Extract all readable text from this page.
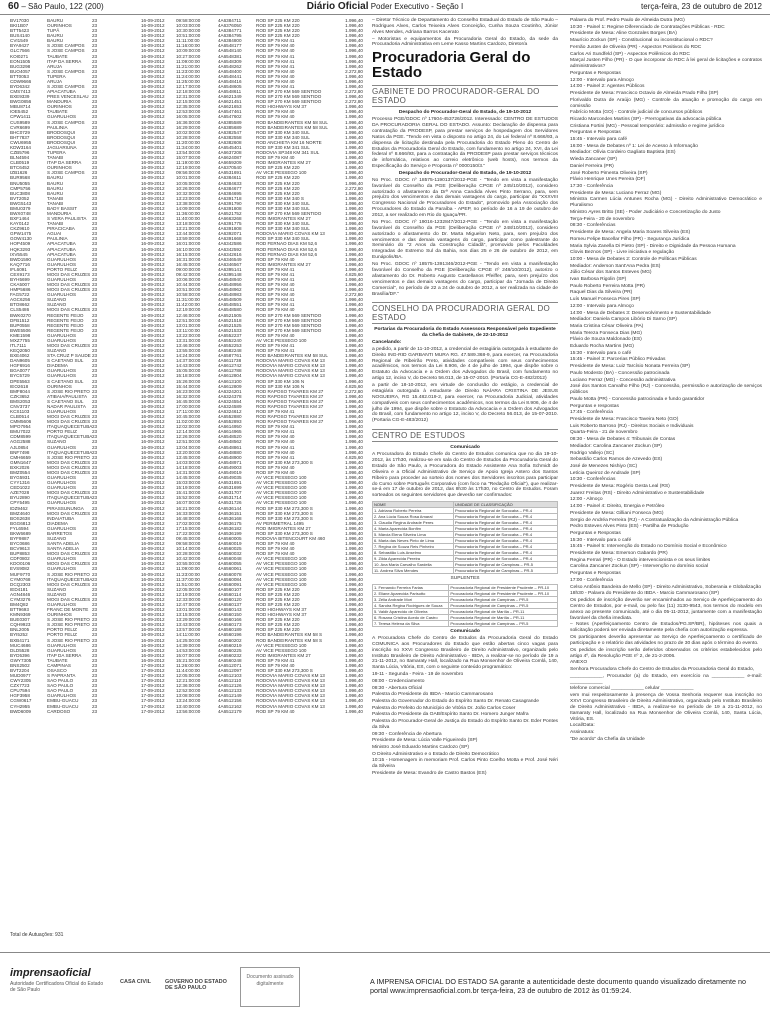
60 – São Paulo, 122 (200)	Diário Oficial Poder Executivo - Seção I	terça-feira, 23 de outubro de 2012
BV17030	BAURU	23	16-09-2012	09:58:00:00	4A6384711	ROD SP 225 KM 220	1.996,40
BKI1B07	OURINHOS	23	16-09-2012	10:03:00:00	4A6376050	ROD SP 225 KM 220	1.996,40
BTT5423	TUPÃ	23	16-09-2012	10:30:00:00	4A6384771	ROD SP 225 KM 220	1.996,40
BUS4140	BAURU	23	16-09-2012	10:51:00:00	4A6384795	ROD SP 225 KM 220	1.996,40
CVI1549	BAURU	23	16-09-2012	11:11:00:00	4A6384800	ROD SP 79 KM 41	1.996,40
BYA9427	S JOSE CAMPOS	23	16-09-2012	11:16:00:00	4A6548177	ROD SP 79 KM 40	1.996,40
GLC7566	S JOSE CAMPOS	23	16-09-2012	10:09:00:00	4A6548140	ROD SP 79 KM 40	1.996,40
KOI0271	TAUBATE	23	16-09-2012	10:27:00:00	4A6548381	ROD SP 79 KM 41	1.996,40
EON1505	ITAP DA SERRA	23	16-09-2012	11:09:00:00	4A6548309	ROD SP 79 KM 41	1.996,40
BUG3298	ARUJA	23	16-09-2012	11:21:00:00	4A6548262	ROD SP 79 KM 41	1.996,40
BUO4057	S JOSE CAMPOS	23	16-09-2012	11:23:00:00	4A6548400	ROD SP 79 KM 40	2.272,80
BTT0053	TUPERA	23	16-09-2012	11:24:00:00	4A6548441	ROD SP 79 KM 40	1.996,40
CDW9666	ARUJA	23	16-09-2012	11:25:00:00	4A6548416	ROD SP 79 KM 40	1.996,40
BYD6342	S JOSE CAMPOS	23	16-09-2012	12:17:00:00	4A6548605	ROD SP 79 KM 41	1.996,40
CMS7413	APIACATUBA	23	16-09-2012	12:18:00:00	4A6548611	ROD SP 270 KM 569 SENTIDO	2.272,80
BXE9339	PRES VENCESLAU 23	16-09-2012	12:31:00:00	4A6621349	ROD SP 270 KM 569 SENTIDO	1.996,40
BWG0856	MANDURIA	23	16-09-2012	12:15:00:00	4A6621451	ROD SP 270 KM 569 SENTIDO	2.272,80
MBU8714	OURINHOS	23	16-09-2012	12:35:00:00	4A6621653	ROD HIGHWAYS KM 37	1.996,40
IOE5452	TAUBATE	23	16-09-2012	12:53:00:00	4A6547461	ROD SP 79 KM 40	1.996,40
CPW1411	GUARULHOS	23	16-09-2012	16:05:00:00	4A6547602	ROD SP 79 KM 40	1.996,40
CUS9589	S JOSE CAMPOS	23	16-09-2012	16:36:00:00	4A6385589	ROD BANDEIRANTES KM 58 SUL	1.996,40
CVR6699	PAULINIA	23	16-09-2012	16:29:00:00	4A6385689	ROD BANDEIRANTES KM 58 SUL	1.996,40
BHC0729	BRODOSQUI	23	16-09-2012	10:02:00:00	4A6382547	ROD SP 330 KM 340 SUL	1.996,40
BHT7837	BRODOSQUI	23	16-09-2012	10:28:00:00	4A6382558	ROD SP 330 KM 340 SUL	1.996,40
CWU6955	BRODOSQUI	23	16-09-2012	11:20:00:00	4A6382608	ROD ANCHIETA KM 16 NORTE	1.996,40
KDW3164	JAGUARIUNA	23	16-09-2012	11:34:00:00	4A6545401	ROD SP 330 KM 341 SUL	1.996,40
CZB5796	TUPERA	23	16-09-2012	13:54:00:00	4A6637208	RODOVIA SP348 KM 341 SUL	1.996,40
BLN4594	TANABI	23	16-09-2012	15:07:00:00	4A6624087	ROD SP 79 KM 40	1.996,40
CLB0519	ITAP DA SERRA	23	16-09-2012	11:19:00:00	4A6659209	ROD IMIGRANTES KM 27	1.996,40
BTC6452	OURINHOS	23	16-09-2012	12:19:00:00	4A6370540	ROD SP 225 KM 220	1.996,40
IZB1626	S JOSE CAMPOS	23	16-09-2012	09:56:00:00	4A6531691	AV VICE PESSEGO 100	1.996,40
BUR9568	BAURU	23	16-09-2012	10:01:00:00	4A6384611	ROD SP 225 KM 220	1.996,40
BNU5055	BAURU	23	16-09-2012	10:05:00:00	4A6384633	ROD SP 225 KM 220	1.996,40
CMP5756	BAURU	23	16-09-2012	10:26:00:00	4A6384677	ROD SP 225 KM 220	2.272,80
BUC3808	BAURU	23	16-09-2012	10:32:00:00	4A6384695	ROD SP 225 KM 220	1.996,40
BVT2052	TANABI	23	16-09-2012	13:23:00:00	4A6391718	ROD SP 330 KM 340 S	1.996,40
BWG5143	TANABI	23	16-09-2012	13:38:00:00	4A6391790	ROD SP 330 KM 340 SUL	1.996,40
BMU0379	BADY BASSIT	23	16-09-2012	14:09:00:00	4A6391808	ROD SP 330 KM 340 SUL	1.996,40
BWX0748	MANDURIA	23	16-09-2012	11:36:00:00	4A6521752	ROD SP 270 KM 569 SENTIDO	1.996,40
BXF1464	S VERA PAULISTA 23	16-09-2012	11:40:00:00	4A6663268	ROD IMIGRANTES KM 27	1.996,40
KAY0142	TANABI	23	16-09-2012	13:18:00:00	4A6391775	ROD SP 330 KM 340 SUL	1.996,40
CKZ9610	PIRACICABA	23	16-09-2012	13:21:00:00	4A6391808	ROD SP 330 KM 340 SUL	1.996,40
GPW1475	AGUAI	23	16-09-2012	13:44:00:00	4A6392071	RODOVIA MARIO COVAS KM 13	1.996,40
GOW4130	PAULINIA	23	16-09-2012	13:59:00:00	4A6391668	ROD SP 330 KM 340 SUL	1.996,40
HOP4509	APIACATUBA	23	16-09-2012	16:01:00:00	4A6342586	ROD FERNAO DIAS KM 52,6	1.996,40
HQK3293	APIACATUBA	23	16-09-2012	16:10:00:00	4A6342592	ROD FERNAO DIAS KM 52,6	1.996,40
IXV5545	APIACATUBA	23	16-09-2012	16:15:00:00	4A6342616	ROD FERNAO DIAS KM 52,6	1.996,40
BWD1590	GUARULHOS	23	16-09-2012	16:31:00:00	4A6346549	ROD SP 79 KM 40	1.996,40
KAQ7716	GUARULHOS	23	16-09-2012	16:45:00:00	4A6346567	ROD IMIGRANTES KM 27	1.996,40
IFL6091	PORTO FELIZ	23	16-09-2012	09:00:00:00	4A6395141	ROD SP 79 KM 41	1.996,40
CEX9173	MOGI DAS CRUZES 23	16-09-2012	09:42:00:00	4A6395148	ROD SP 79 KM 41	4.825,60
BYH5699	GUARULHOS	23	16-09-2012	10:06:00:00	4A6548940	ROD SP 79 KM 41	1.996,40
CKA5007	MOGI DAS CRUZES 23	16-09-2012	10:44:00:00	4A6548956	ROD SP 79 KM 40	1.996,40
HMP5686	MOGI DAS CRUZES 23	16-09-2012	10:51:00:00	4A6548962	ROD SP 79 KM 41	1.996,40
FAG5722	GUARULHOS	23	16-09-2012	10:58:00:00	4A6548983	ROD SP 79 KM 40	2.272,80
AGC6256	SUZANO	23	16-09-2012	11:31:00:00	4A6548509	ROD SP 79 KM 41	1.996,40
BTO8662	SUZANO	23	16-09-2012	11:42:00:00	4A6548551	ROD SP 79 KM 41	1.996,40
CLS5486	MOGI DAS CRUZES 23	16-09-2012	12:19:00:00	4A6548580	ROD SP 79 KM 40	1.996,40
BWK0270	REGENTE FEIJO	23	16-09-2012	12:46:00:00	4A6521505	ROD SP 270 KM 569 SENTIDO	1.996,40
DFB1512	REGENTE FEIJO	23	16-09-2012	12:51:00:00	4A6521518	ROD SP 270 KM 569 SENTIDO	1.996,40
BUP0558	REGENTE FEIJO	23	16-09-2012	13:01:00:00	4A6521525	ROD SP 270 KM 569 SENTIDO	1.996,40
BWE5506	REGENTE FEIJO	23	16-09-2012	13:11:00:00	4A6521533	ROD SP 270 KM 569 SENTIDO	1.996,40
KME1598	GUARULHOS	23	16-09-2012	13:22:00:00	4A6552237	ROD SP 79 KM 40	1.996,40
MXZ7755	GUARULHOS	23	16-09-2012	13:31:00:00	4A6552240	AV VICE PESSEGO 100	1.996,40
ITL7111	MOGI DAS CRUZES 23	16-09-2012	13:46:00:00	4A6552253	ROD SP 79 KM 41	1.996,40
KEQ2050	SUZANO	23	16-09-2012	13:55:00:00	4A6582248	ROD SP 79 KM 41	1.996,40
BXE4062	STA CRUZ P SAUDE 23	16-09-2012	14:24:00:00	4A6587761	ROD BANDEIRANTES KM 58 SUL	1.996,40
DAN9605	S CAETANO SUL	23	16-09-2012	14:37:00:00	4A6611738	RODOVIA MARIO COVAS KM 13	1.996,40
HGF6916	DIADEMA	23	16-09-2012	14:43:00:00	4A6612742	RODOVIA MARIO COVAS KM 13	1.996,40
BGA0077	GUARULHOS	23	16-09-2012	15:05:00:00	4A6612788	RODOVIA MARIO COVAS KM 13	1.996,40
BYC5729	GUARULHOS	23	16-09-2012	15:18:00:00	4A6612804	RODOVIA MARIO COVAS KM 13	1.996,40
DPE5563	S CAETANO SUL	23	16-09-2012	15:26:00:00	4A6613100	ROD SP 330 KM 106 N	1.996,40
IEO2618	OURINHOS	23	16-09-2012	15:44:00:00	4A6612809	ROD SP 330 KM 106 N	4.825,60
BMF8044	S JOSE RIO PRETO 23	16-09-2012	16:23:00:00	4A6324201	ROD RAPOSO TAVARES KM 27	2.272,80
CZK3652	ATIBAIA/PAULISTA 23	16-09-2012	16:32:00:00	4A6324378	ROD RAPOSO TAVARES KM 27	1.996,40
BMS2053	S CAETANO SUL	23	16-09-2012	16:45:00:00	4A6324554	ROD RAPOSO TAVARES KM 27	1.996,40
CNV3737	NADAR PAULISTA 23	16-09-2012	17:00:00:00	4A6324589	ROD RAPOSO TAVARES KM 27	1.996,40
KCS1103	GUARULHOS	23	16-09-2012	17:11:00:00	4A6324612	ROD SP 79 KM 41	1.996,40
CLB0514	MOGI DAS CRUZES 23	16-09-2012	10:45:00:00	4A6552880	ROD RAPOSO TAVARES KM 27	1.996,40
CMM5606	MOGI DAS CRUZES 23	16-09-2012	11:02:00:00	4A6552893	ROD RAPOSO TAVARES KM 27	1.996,40
MPO7954	ITAQUAQUECETUBA 23	16-09-2012	12:02:00:00	4A6614950	ROD SP 79 KM 41	1.996,40
BMU7022	PORTO FELIZ	23	16-09-2012	12:14:00:00	4A6614965	ROD SP 79 KM 41	1.996,40
CDM8599	ITAQUAQUECETUBA 23	16-09-2012	12:26:00:00	4A6548520	ROD SP 79 KM 40	1.996,40
AGG2588	SUZANO	23	16-09-2012	12:51:00:00	4A6548562	ROD SP 79 KM 40	1.996,40
AJL0854	GUARULHOS	23	16-09-2012	13:04:00:00	4A6548861	ROD SP 79 KM 41	1.996,40
BNF7498	ITAQUAQUECETUBA 23	16-09-2012	13:20:00:00	4A6548880	ROD SP 79 KM 40	1.996,40
CMH6659	S JOSE RIO PRETO 23	16-09-2012	13:45:00:00	4A6548900	ROD SP 79 KM 41	4.825,60
GMN1647	MOGI DAS CRUZES 23	16-09-2012	14:03:00:00	4A6548971	ROD SP 330 KM 273,300 S	1.996,40
BXK2026	MOGI DAS CRUZES 23	16-09-2012	14:18:00:00	4A6549003	ROD SP 79 KM 40	1.996,40
BMZ0554	MOGI DAS CRUZES 23	16-09-2012	14:31:00:00	4A6549019	ROD SP 79 KM 40	1.996,40
BYG5931	GUARULHOS	23	16-09-2012	14:45:00:00	4A6549035	AV VICE PESSEGO 100	1.996,40
CYY1316	GUARULHOS	23	16-09-2012	15:03:00:00	4A6531691	AV VICE PESSEGO 100	1.996,40
CED1022	GUARULHOS	23	16-09-2012	15:19:00:00	4A6531699	AV VICE PESSEGO 100	1.996,40
AZE7028	MOGI DAS CRUZES 23	16-09-2012	15:41:00:00	4A6531707	AV VICE PESSEGO 100	1.996,40
BYU2890	ITAQUAQUECETUBA 23	16-09-2012	15:52:00:00	4A6531714	AV VICE PESSEGO 100	1.996,40
CPY5495	GUARULHOS	23	16-09-2012	16:07:00:00	4A6531726	AV VICE PESSEGO 100	1.996,40
IDZ9462	PIRASSUNUNGA	23	16-09-2012	16:21:00:00	4A6536144	ROD SP 330 KM 273,300 S	1.996,40
BMZ4640	MOGI DAS CRUZES 23	16-09-2012	16:33:00:00	4A6536151	ROD SP 330 KM 273,300 S	1.996,40
BOS2638	INDAIATUBA	23	16-09-2012	16:48:00:00	4A6536168	ROD SP 330 KM 273,300 S	1.996,40
BGG6813	DIADEMA	23	16-09-2012	17:02:00:00	4A6536175	AV PERIMETRAL 1495	1.996,40
FYL6594	GUARULHOS	23	16-09-2012	17:15:00:00	4A6536182	ROD IMIGRANTES KM 27	1.996,40
BKW6689	BARRETOS	23	16-09-2012	17:22:00:00	4A6536199	ROD SP 330 KM 273,300 S	1.996,40
BYF9887	SUZANO	23	16-09-2012	09:45:00:00	4A6560005	RODOVIA BITENCOURT KM 460	1.996,40
BYC0686	SANTA ADELIA	23	16-09-2012	09:58:00:00	4A6560019	ROD SP 79 KM 40	1.996,40
BCV9613	SANTA ADELIA	23	16-09-2012	10:14:00:00	4A6560025	ROD SP 79 KM 40	1.996,40
BUP8853	MOGI DAS CRUZES 23	16-09-2012	10:28:00:00	4A6560032	ROD SP 79 KM 40	1.996,40
CDF0802	GUARULHOS	23	16-09-2012	10:42:00:00	4A6560048	AV VICE PESSEGO 100	1.996,40
KDO0106	MOGI DAS CRUZES 23	16-09-2012	10:55:00:00	4A6560055	AV VICE PESSEGO 100	1.996,40
EVS9082	GUARULHOS	23	16-09-2012	11:09:00:00	4A6560061	AV VICE PESSEGO 100	1.996,40
MUF9770	S JOSE RIO PRETO 23	16-09-2012	11:23:00:00	4A6560078	AV VICE PESSEGO 100	1.996,40
CYM0768	ITAQUAQUECETUBA 23	16-09-2012	11:37:00:00	4A6560084	AV VICE PESSEGO 100	1.996,40
DCQ2303	MOGI DAS CRUZES 23	16-09-2012	11:51:00:00	4A6560091	AV VICE PESSEGO 100	1.996,40
IED4181	SUZANO	23	16-09-2012	12:05:00:00	4A6560107	ROD SP 225 KM 220	1.996,40
AGN4846	SUZANO	23	16-09-2012	12:19:00:00	4A6560114	ROD SP 225 KM 220	1.996,40
CYM3276	MOGI DAS CRUZES 23	16-09-2012	12:33:00:00	4A6560120	ROD SP 225 KM 220	1.996,40
BM4Q82	GUARULHOS	23	16-09-2012	12:47:00:00	4A6560137	ROD SP 225 KM 220	1.996,40
BTT9693	FRANC DE MONTE 23	16-09-2012	13:01:00:00	4A6560143	ROD HIGHWAYS KM 37	1.996,40
KMN9369	OURINHOS	23	16-09-2012	13:15:00:00	4A6560150	ROD HIGHWAYS KM 37	1.996,40
BUE0307	S JOSE RIO PRETO 23	16-09-2012	13:29:00:00	4A6560166	ROD SP 225 KM 220	1.996,40
CQH9923	S JOSE RIO PRETO 23	16-09-2012	13:43:00:00	4A6560173	ROD SP 225 KM 220	1.996,40
BNL2005	PORTO FELIZ	23	16-09-2012	13:57:00:00	4A6560189	ROD SP 225 KM 220	1.996,40
BYI5252	PORTO FELIZ	23	16-09-2012	14:11:00:00	4A6560196	ROD BANDEIRANTES KM 58 S	1.996,40
BXB4171	S JOSE RIO PRETO 23	16-09-2012	14:25:00:00	4A6560202	ROD BANDEIRANTES KM 58 S	1.996,40
MUC4686	GUARULHOS	23	16-09-2012	14:39:00:00	4A6560219	AV VICE PESSEGO 100	1.996,40
DLD5528	GUARULHOS	23	16-09-2012	14:53:00:00	4A6560225	AV VICE PESSEGO 100	1.996,40
BYD5396	ITAP DA SERRA	23	16-09-2012	15:07:00:00	4A6560232	ROD IMIGRANTES KM 27	1.996,40
GWY7305	TAUBATE	23	16-09-2012	15:21:00:00	4A6560248	ROD SP 79 KM 41	1.996,40
BNS2502	CAMPINAS	23	17-09-2012	11:26:00:00	4A6512071	ROD SP 79 KM 40	1.996,40
BVT2204	OSASCO	23	17-09-2012	11:44:00:00	4A6512097	ROD SP 330 KM 273,300 S	1.996,40
MUD0977	S PAPRANTA	23	17-09-2012	12:05:00:00	4A6512103	RODOVIA MARIO COVAS KM 13	1.996,40
CWY2305	SAO PAULO	23	17-09-2012	12:21:00:00	4A6512110	RODOVIA MARIO COVAS KM 13	1.996,40
CZX7723	SAO PAULO	23	17-09-2012	12:36:00:00	4A6512126	RODOVIA MARIO COVAS KM 13	1.996,40
CPU7594	SAO PAULO	23	17-09-2012	12:52:00:00	4A6512133	RODOVIA MARIO COVAS KM 13	1.996,40
HGF3958	GUARULHOS	23	17-09-2012	13:08:00:00	4A6512149	RODOVIA MARIO COVAS KM 13	1.996,40
CGW0617	EMBU-GUACU	23	17-09-2012	13:24:00:00	4A6512156	RODOVIA MARIO COVAS KM 13	1.996,40
CYH2955	EMBU-GUACU	23	17-09-2012	13:40:00:00	4A6512162	RODOVIA MARIO COVAS KM 13	1.996,40
BWD6009	CARDOSO	23	17-09-2012	13:56:00:00	4A6512179	ROD SP 79 KM 40	1.996,40
Total de Autuações: 931

– Diretor Técnico de Departamento do Conselho Estadual do Estado de São Paulo – Rodrigues Alves, Carlos Teixeira Alves Conceição, Cunha Souza Coutinho, Júnior Alves Mendes, Adriana Barros Kacerato

– Motoristas e equipamentos da Procuradoria Geral do Estado, da sede da Procuradoria Administrativa em Leme Kasso Martins Cardozo, Diretor/a

Procuradoria Geral do Estado
GABINETE DO PROCURADOR-GERAL DO ESTADO

Despacho do Procurador-Geral do Estado, de 19-10-2012

Processo PGE/GDOC nº 17604-453726/2012. Interessado: CENTRO DE ESTUDOS DA PROCURADORIA GERAL DO ESTADO. Assunto: Declaração de dispensa para contratação da PRODESP, para prestar serviços de hospedagem dos Servidores Natos da PGE. "Tendo em vista o disposto no artigo 24, do Lei federal nº 8.666/93, a dispensa de licitação destinada pela Procuradoria do Estado Pleno do Centro de Estudos da Procuradoria Geral do Estado, com fundamento no artigo 24, XVI, da Lei federal nº 8.666/93, para a contratação da PRODESP para prestar serviços técnicos de informática, relativos ao correio eletrônico (web hosts), nos termos da Especificação do Serviço e Proposta nº 0000150/3."

Despacho do Procurador-Geral do Estado, de 19-10-2012

No Proc. GDOC nº 18575-1190137/2012-PGE - "Tendo em vista a manifestação favorável do Conselho da PGE (Deliberação CPGE nº 245/10/2012), considero autorizado o afastamento da Drª Anna Candida Alves Pinto Serrano, para, sem prejuízo dos vencimentos e das demais vantagens do cargo, participar do "XXXVIII Congresso Nacional de Procuradores do Estado", promovido pela Associação dos Procuradores do Estado da Paraíba - APEP, no período de 16 a 19 de outubro de 2012, a ser realizado em Rio do Iguaçu/PR.

No Proc. GDOC nº 19016-1232847/2012-PGE - "Tendo em vista a manifestação favorável do Conselho da PGE (Deliberação CPGE nº 248/10/2012), considero autorizado o afastamento do Dr. Marta Miguelon Neto, para, sem prejuízo dos vencimentos e das demais vantagens do cargo, participar como palestrante do Seminário do "2 Anos da Construção Cidadã", promovido pelos Faculdades Integradas de Extremo Sul da Bahia, nos dias 25 e 26 de outubro de 2012, em Eunápolis/BA.

No Proc. GDOC nº 18575-1391346/2012-PGE - "Tendo em vista a manifestação favorável do Conselho da PGE (Deliberação CPGE nº 248/10/2012), autorizo o afastamento do Dr. Roberto Augusto Castellanos Pfeiffer, para, sem prejuízo dos vencimentos e das demais vantagens do cargo, participar da "Jornada de Direito Comercial", no período de 22 a 24 de outubro de 2012, a ser realizada na cidade de Brasília/DF."

CONSELHO DA PROCURADORIA GERAL DO ESTADO

Portarias da Procuradoria do Estado Assessora Responsável pelo Expediente da Chefia de Gabinete, de 22-10-2012

Cancelando:

a pedido, a partir de 11-10-2012, a credencial de estagiária outorgada à estudante de Direito ING-RID GARBANTI MURA RG. 47.589.368-9, para exercer, na Procuradoria Regional de Ribeirão Preto, atividades compatíveis com seus conhecimentos acadêmicos, nos termos da Lei 8.906, de 4 de julho de 1994, que dispõe sobre o Estatuto da Advocacia e a Ordem dos Advogados do Brasil, com fundamento no artigo 12, inciso V, do Decreto 56.013, de 15-07-2010. (Portaria CG-E-482/2012)

a partir de 18-10-2012, em virtude de conclusão do estágio, a credencial de estagiária outorgada à estudante de Direito NAÍARA CRISTINA DE JESUS NOGUEIRA, RG 15.482.019-2, para exercer, na Procuradoria Judicial, atividades compatíveis com seus conhecimentos acadêmicos, nos termos da Lei 8.906, de 4 de julho de 1994, que dispõe sobre o Estatuto da Advocacia e a Ordem dos Advogados do Brasil, com fundamento no artigo 12, inciso V, do Decreto 56.013, de 15-07-2010. (Portaria CG-E-483/2012)

CENTRO DE ESTUDOS

Comunicado

A Procuradora do Estado Chefe do Centro de Estudos comunica que no dia 19-10-2012, às 17h30, realizou-se em sala do Centro de Estudos da Procuradoria Geral do Estado de São Paulo, a Procuradora do Estado Assistente Ana Sofia Schmidt de Oliveira e a Oficial Administrativo de Serviço de Apoio Igreja Antero dos Santos Ribeiro para proceder ao sorteio dos nomes dos Servidores inscritos para participar do Curso sobre Português Corporativo (com foco na "Redação Oficial"), que realizar-se-á em 17 de outubro de 2012, das 8h30 às 17h30, no Centro de Estudos. Foram sorteados os seguintes servidores que deverão ser confirmados:

NOME	UNIDADE DE CLASSIFICAÇÃO
1. Adriana Roberto Pereira	Procuradoria Regional de Sorocaba – PR-4
2. Ana Lúcia Souza Rosa Amaral	Procuradoria Regional de Sorocaba – PR-4
3. Claudia Regina Andrade Peres	Procuradoria Regional de Sorocaba – PR-4
4. Maria Aparecida Bonfim	Procuradoria Regional de Sorocaba – PR-4
5. Márcia Elena Silveira Lima	Procuradoria Regional de Sorocaba – PR-4
6. Maria das Neves Pinto de Lima	Procuradoria Regional de Sorocaba – PR-4
7. Regina de Souza Reis Pinheiro	Procuradoria Regional de Sorocaba – PR-4
8. Sebastião Luis Anselmo	Procuradoria Regional de Sorocaba – PR-4
9. Zilda Aparecida Pereira	Procuradoria Regional de Sorocaba – PR-4
10. Ana Maria Carvalho Sardella	Procuradoria Regional de Campinas – PR-5
11. Andrea Silva Mendes	Procuradoria Regional de Campinas – PR-5

SUPLENTES

1. Fernando Ferreira Farias	Procuradoria Regional de Presidente Prudente – PR-10
2. Eliane Aparecida Parisotto	Procuradoria Regional de Presidente Prudente – PR-10
3. Zélia Andrade Mori	Procuradoria Regional de Campinas – PR-5
4. Sandra Regina Rodrigues de Souza	Procuradoria Regional de Campinas – PR-5
5. Valdir Aparecido de Oliveira	Procuradoria Regional de Marília – PR-11
6. Rosana Cristina Acedo de Castro	Procuradoria Regional de Marília – PR-11
7. Teresa Helena da Silva	Procuradoria Regional de Campinas – PR-5

Comunicado

A Procuradora Chefe do Centro de Estudos da Procuradoria Geral do Estado COMUNICA aos Procuradores do Estado que estão abertas cinco vagas para inscrição no XXVI Congresso Brasileiro de Direito Administrativo, organizado pelo Instituto Brasileiro de Direito Administrativo - IBDA, a realizar-se no período de 19 a 21-11-2012, no Itamaraty Hall, localizado na Rua Monsenhor de Oliveira Comlá, 140, Santa Lúcia, Vitória, ES, com o seguinte conteúdo programático:

19-11 - Segunda - Feira - 19 de novembro

08:00 - Credenciamento

08:30 - Abertura Oficial

Palestra do Presidente do IBDA - Marcio Cammarosano

Palestra do Governador do Estado do Espírito Santo Dr. Renato Casagrande

Palestra do Prefeito do Município de Vitória Dr. João Carlos Coser

Palestra do Presidente da OAB/Espírito Santo Dr. Homero Junger Mafra

Palestra do Procurador-Geral de Justiça do Estado do Espírito Santo Dr. Eder Pontes da Silva

09:30 - Conferência de Abertura

Presidente de Mesa: Lúcia Valle Figueiredo (SP)

Ministro José Eduardo Martins Cardozo (SP)

O Direito Administrativo e o Estado de Direito Democrático

10:15 - Homenagem in memoriam Prof. Carlos Pinto Coelho Motta e Prof. José Néri da Silveira

Presidente de Mesa: Evandro de Castro Bastos (ES)

Palavra do Prof. Pedro Paulo de Almeida Dutra (MG)

10:30 - Painel 1: Regime Diferenciado de Contratações Públicas - RDC

Presidente de Mesa: Aline Gonzales Borges (BA)

Maurício Zockun (SP) - Constitucional ou inconstitucional o RDC?

Fernão Justen de Oliveira (PR) - Aspectos Positivos do RDC

Carlos Ari Sundfeld (SP) - Aspectos Polêmicos do RDC

Marçal Justen Filho (PR) - O que incorporar do RDC à lei geral de licitações e contratos administrativos?

Perguntas e Respostas

12:00 - Intervalo para Almoço

14:00 - Painel 2: Agentes Públicos

Presidente de Mesa: Francisco Octavio de Almeida Prado Filho (SP)

Florivaldo Dutra de Araújo (MG) - Controle da atuação e promoção do cargo em comissão

Fabrício Motta (GO) - Controle judicial de concursos públicos

Ricardo Marcondes Martins (SP) - Prerrogativas da advocacia pública

Cristiana Fortini (MG) - Pessoal temporário: admissão e regime jurídico

Perguntas e Respostas

15:45 - Intervalo para café

16:00 - Mesa de Debates nº 1: Lei de Acesso à Informação

Mediador: Olívia Cordeiro Gagliato Baptista (ES)

Wieda Zancaner (SP)

Daniel Ferreira (PR)

José Roberto Pimenta Oliveira (SP)

Flávio Henrique Unes Pereira (DF)

17:30 - Conferência

Presidente de Mesa: Luciano Ferraz (MG)

Ministra Carmen Lúcia Antunes Rocha (MG) - Direito Administrativo Democrático e Pluralismo

Ministro Ayres Britto (SE) - Poder Judiciário e Concretização do Justo

Terça-Feira - 20 de novembro

08:30 - Conferências

Presidente de Mesa: Angela Maria Soares Silveira (ES)

Romeu Felipe Bacellar Filho (PR) - Segurança Jurídica

Maria Sylvia Zanella Di Pietro (SP) - Direito e Dignidade da Pessoa Humana

Clovis Beznos (SP) - Livre iniciativa e regulação

10:00 - Mesa de Debates 2: Controle de Políticas Públicas

Mediador: Anderson Sant'Ana Pedra (ES)

Júlio César dos Santos Esteves (MG)

Ivan Barbosa Rigolin (SP)

Paulo Roberto Ferreira Motta (PR)

Raquel Dias da Silveira (PR)

Luís Manuel Fonseca Pires (SP)

12:00 - Intervalo para Almoço

14:00 - Mesa de Debates 3: Desenvolvimento e Sustentabilidade

Mediador: Daniela Campos Libório Di Sarno (SP)

Maria Cristina César Oliveira (PA)

Maria Tereza Fonseca Dias (MG)

Flávio de Souza Maldonado (ES)

Eduardo Rocha Martins (MG)

15:30 - Intervalo para o café

15:45 - Painel 3: Parcerias Público Privadas

Presidente de Mesa: Luiz Tarcísio Nonata Ferreira (SP)

Paulo Modesto (BA) - Concessão patrocinada

Luciano Ferraz (MG) - Concessão administrativa

José dos Santos Carvalho Filho (RJ) - Concessão, permissão e autorização de serviços públicos

Paulo Motta (PR) - Concessão patrocinada e fundo garantidor

Perguntas e respostas

17:45 - Conferência

Presidente de Mesa: Francisco Taveira Neto (GO)

Luis Roberto Barroso (RJ) - Direitos Sociais e Individuais

Quarta-Feira - 21 de novembro

08:30 - Mesa de Debates 4: Tribunais de Contas

Mediador: Carolina Zancaner Zockun (SP)

Rodrigo Vallejo (SC)

Sebastião Carlos Ramos de Azevedo (ES)

José de Menezes Nishiyo (SC)

Letícia Queiroz de Andrade (SP)

10:30 - Conferências

Presidente de Mesa: Rogério Gesta Leal (RS)

Juarez Freitas (RS) - Direito Administrativo e Sustentabilidade

12:00 - Almoço

14:00 - Painel 4: Direito, Energia e Petróleo

Presidente de Mesa: Gilliani Fonseca (MG)

Sergio de Andréa Ferreira (RJ) - A Contratualização da Administração Pública

Pedro Esteves Alves Pinto (ES) - Partilha de Produção

Perguntas e Respostas

15:30 - Intervalo para o café

15:45 - Painel 5: Intervenção do Estado no Domínio Social e Econômico

Presidente de Mesa: Emerson Gabardo (PR)

Regina Ferrari (PR) - O Estado intervencionista e os seus limites

Carolina Zancaner Zockun (SP) - Intervenção no domínio social

Perguntas e Respostas

17:00 - Conferência

Celso Antônio Bandeira de Mello (SP) - Direito Administrativo, Soberania e Globalização

18h30 - Palavra do Presidente do IBDA - Marcio Cammarosano (SP)

Os pedidos de inscrição deverão ser encaminhados ao Serviço de Aperfeiçoamento do Centro de Estudos, por e-mail, ou pelo fax (11) 3130-9543, nos termos do modelo em anexo ao presente comunicado, até o dia 05-11-2012, juntamente com a manifestação favorável da chefia imediata.

– Notes (Aperfeiçoamento Centro de Estudos/PG.SP/BR), hipóteses nos quais a solicitação poderá ser enviada diretamente pela chefia com autorização expressa.

Os participantes deverão apresentar ao Serviço de Aperfeiçoamento o certificado de participação e o relatório das atividades no prazo de 30 dias após o término do evento.

Os pedidos de inscrição serão deferidos observados os critérios estabelecidos pelo artigo 4º, da Resolução PGE nº 2, de 21-2-2006.

ANEXO

Senhora Procuradora Chefe do Centro de Estudos da Procuradoria Geral do Estado,

____________, Procurador (a) do Estado, em exercício na ____________ e-mail: ____________

telefone comercial ____________ celular ____________

vem mui respeitosamente à presença de Vossa Senhoria requerer sua inscrição no XXVI Congresso Brasileiro de Direito Administrativo, organizado pelo Instituto Brasileiro de Direito Administrativo - IBDA, a realizar-se no período de 19 a 21-11-2012, no Itamaraty Hall, localizado na Rua Monsenhor de Oliveira Comlá, 140, Santa Lúcia, Vitória, ES.

Local/Data:

Assinatura:

"De acordo" da Chefia da Unidade

imprensaoficial
Autoridade Certificadora Oficial do Estado de São Paulo
CASA CIVIL	GOVERNO DO ESTADO DE SÃO PAULO
Documento assinado digitalmente	A IMPRENSA OFICIAL DO ESTADO SA garante a autenticidade deste documento quando visualizado diretamente no portal www.imprensaoficial.com.br terça-feira, 23 de outubro de 2012 às 01:59:24.
